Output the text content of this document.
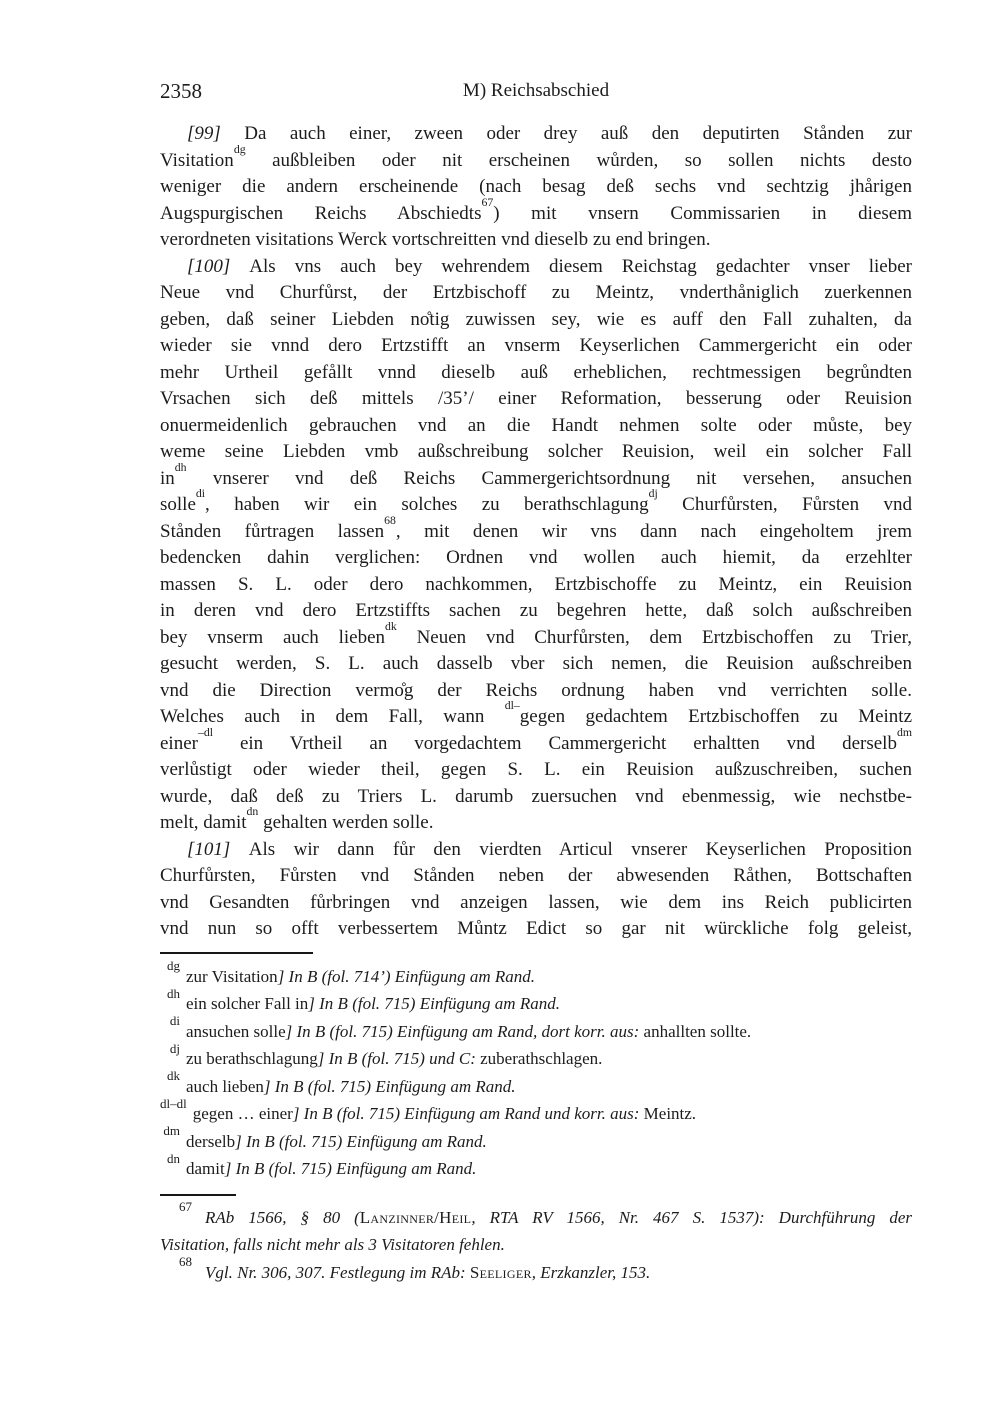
2358	M) Reichsabschied
[99] Da auch einer, zween oder drey auß den deputirten Stånden zur
Visitation$^{dg}$ außbleiben oder nit erscheinen wůrden, so sollen nichts desto
weniger die andern erscheinende (nach besag deß sechs vnd sechtzig jhårigen
Augspurgischen Reichs Abschiedts$^{67}$) mit vnsern Commissarien in diesem
verordneten visitations Werck vortschreitten vnd dieselb zu end bringen.
[100] Als vns auch bey wehrendem diesem Reichstag gedachter vnser lieber
Neue vnd Churfůrst, der Ertzbischoff zu Meintz, vnderthåniglich zuerkennen
geben, daß seiner Liebden no̊tig zuwissen sey, wie es auff den Fall zuhalten, da
wieder sie vnnd dero Ertzstifft an vnserm Keyserlichen Cammergericht ein oder
mehr Urtheil gefållt vnnd dieselb auß erheblichen, rechtmessigen begrůndten
Vrsachen sich deß mittels /35’/ einer Reformation, besserung oder Reuision
onuermeidenlich gebrauchen vnd an die Handt nehmen solte oder můste, bey
weme seine Liebden vmb außschreibung solcher Reuision, weil ein solcher Fall
$in^{dh}$ vnserer vnd deß Reichs Cammergerichtsordnung nit versehen, ansuchen
solle$^{di}$, haben wir ein solches zu berathschlagung$^{dj}$ Churfůrsten, Fůrsten vnd
Stånden fůrtragen lassen$^{68}$, mit denen wir vns dann nach eingeholtem jrem
bedencken dahin verglichen: Ordnen vnd wollen auch hiemit, da erzehlter
massen S. L. oder dero nachkommen, Ertzbischoffe zu Meintz, ein Reuision
in deren vnd dero Ertzstiffts sachen zu begehren hette, daß solch außschreiben
bey vnserm auch lieben$^{dk}$ Neuen vnd Churfůrsten, dem Ertzbischoffen zu Trier,
gesucht werden, S. L. auch dasselb vber sich nemen, die Reuision außschreiben
vnd die Direction vermo̊g der Reichs ordnung haben vnd verrichten solle.
Welches auch in dem Fall, wann $^{dl-}$gegen gedachtem Ertzbischoffen zu Meintz
einer$^{-dl}$ ein Vrtheil an vorgedachtem Cammergericht erhaltten vnd derselb$^{dm}$
verlůstigt oder wieder theil, gegen S. L. ein Reuision außzuschreiben, suchen
wurde, daß deß zu Triers L. darumb zuersuchen vnd ebenmessig, wie nechstbe-
melt, damit$^{dn}$ gehalten werden solle.
[101] Als wir dann fůr den vierdten Articul vnserer Keyserlichen Proposition
Churfůrsten, Fůrsten vnd Stånden neben der abwesenden Råthen, Bottschaften
vnd Gesandten fůrbringen vnd anzeigen lassen, wie dem ins Reich publicirten
vnd nun so offt verbessertem Můntz Edict so gar nit würckliche folg geleist,
$^{dg}$zur Visitation] In B (fol. 714’) Einfügung am Rand.
$^{dh}$ein solcher Fall in] In B (fol. 715) Einfügung am Rand.
$^{di}$ansuchen solle] In B (fol. 715) Einfügung am Rand, dort korr. aus: anhallten sollte.
$^{dj}$zu berathschlagung] In B (fol. 715) und C: zuberathschlagen.
$^{dk}$auch lieben] In B (fol. 715) Einfügung am Rand.
$^{dl-dl}$gegen … einer] In B (fol. 715) Einfügung am Rand und korr. aus: Meintz.
$^{dm}$derselb] In B (fol. 715) Einfügung am Rand.
$^{dn}$damit] In B (fol. 715) Einfügung am Rand.
$^{67}$RAb 1566, § 80 (Lanzinner/Heil, RTA RV 1566, Nr. 467 S. 1537): Durchführung der
Visitation, falls nicht mehr als 3 Visitatoren fehlen.
$^{68}$Vgl. Nr. 306, 307. Festlegung im RAb: Seeliger, Erzkanzler, 153.
